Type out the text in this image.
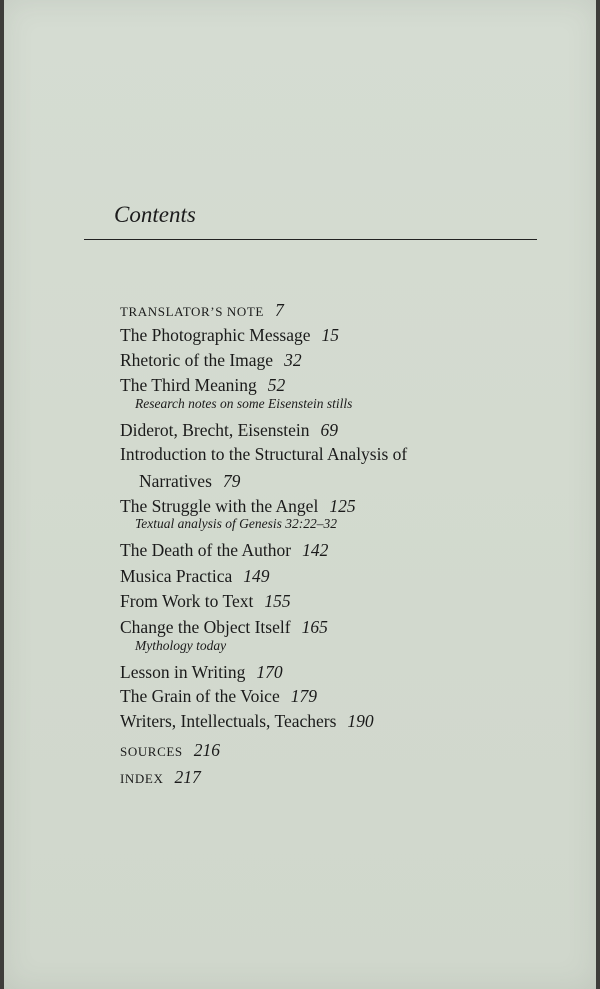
Contents
TRANSLATOR’S NOTE 7
The Photographic Message 15
Rhetoric of the Image 32
The Third Meaning 52
Research notes on some Eisenstein stills
Diderot, Brecht, Eisenstein 69
Introduction to the Structural Analysis of
Narratives 79
The Struggle with the Angel 125
Textual analysis of Genesis 32:22–32
The Death of the Author 142
Musica Practica 149
From Work to Text 155
Change the Object Itself 165
Mythology today
Lesson in Writing 170
The Grain of the Voice 179
Writers, Intellectuals, Teachers 190
SOURCES 216
INDEX 217
